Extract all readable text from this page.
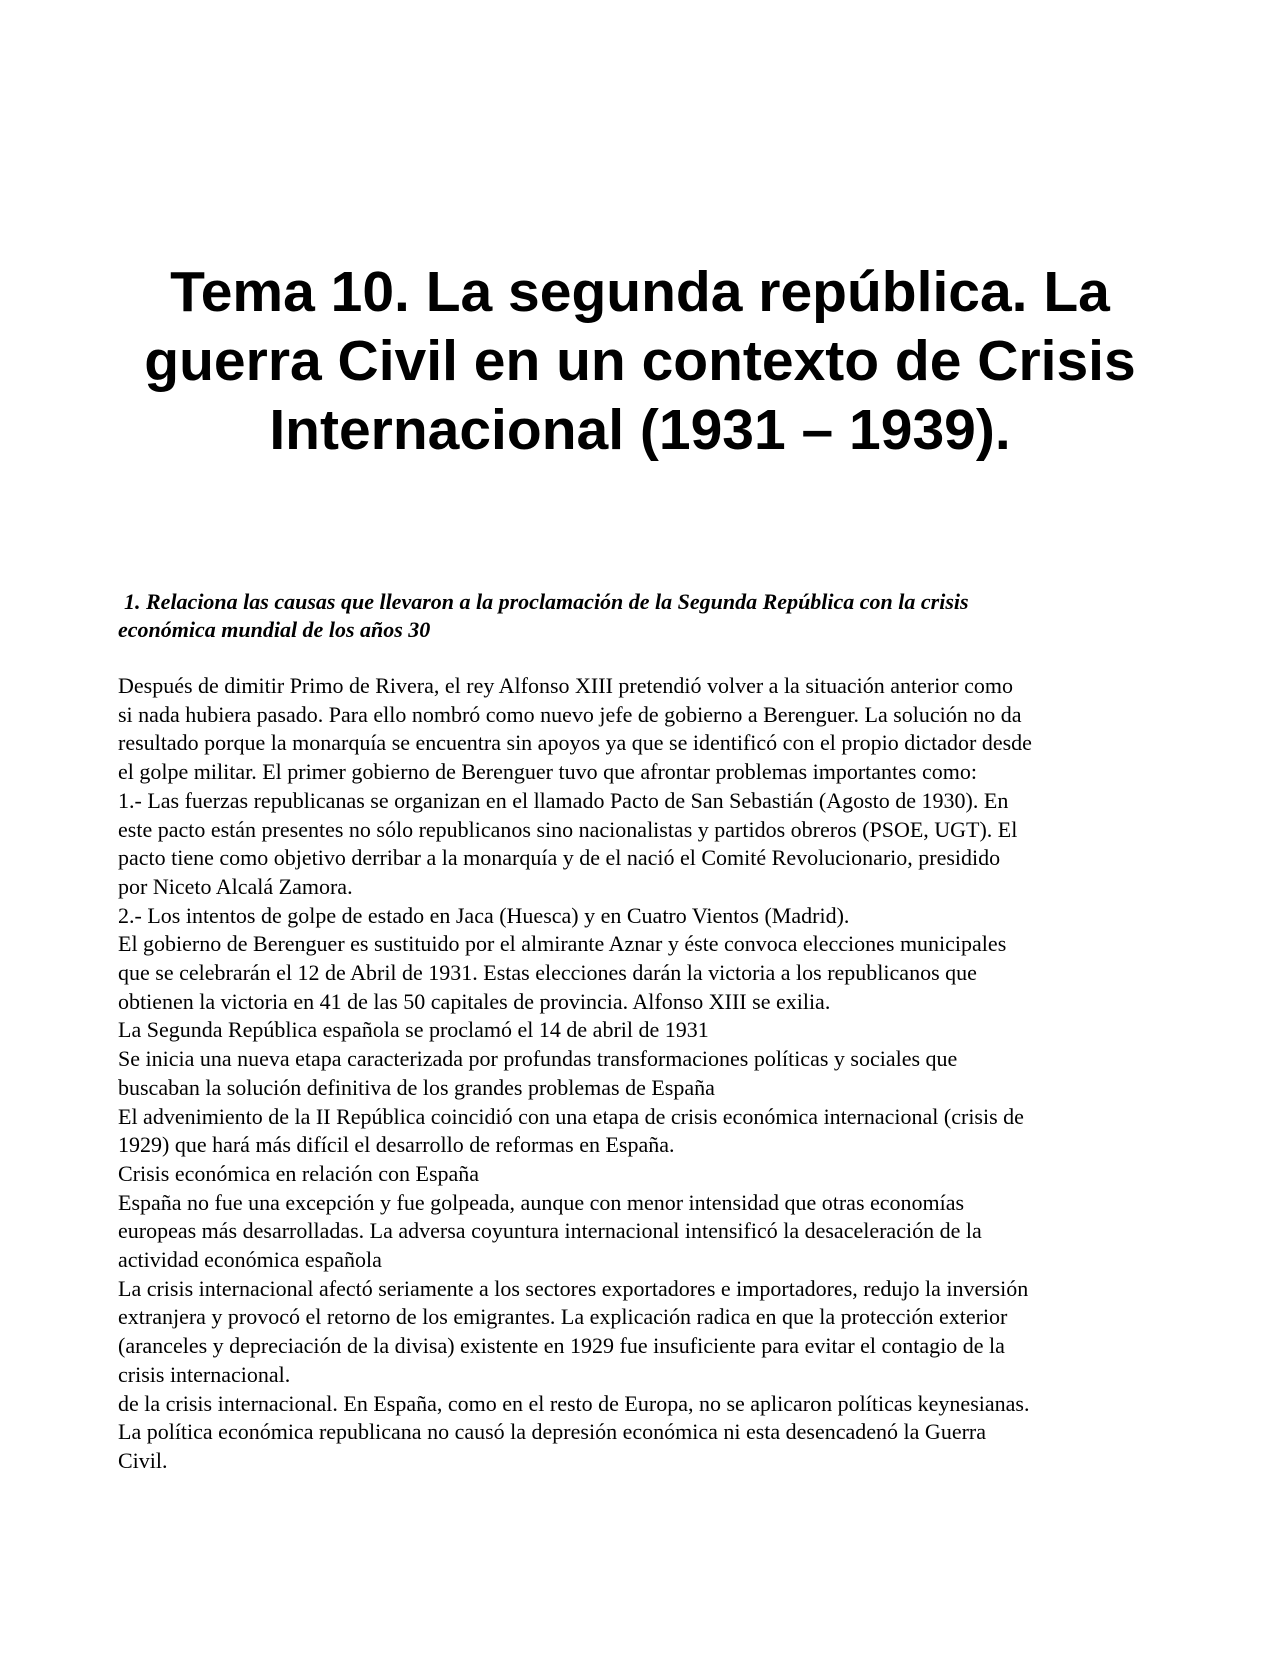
Tema 10. La segunda república. La
guerra Civil en un contexto de Crisis
Internacional (1931 – 1939).
1. Relaciona las causas que llevaron a la proclamación de la Segunda República con la crisis
económica mundial de los años 30
Después de dimitir Primo de Rivera, el rey Alfonso XIII pretendió volver a la situación anterior como
si nada hubiera pasado. Para ello nombró como nuevo jefe de gobierno a Berenguer. La solución no da
resultado porque la monarquía se encuentra sin apoyos ya que se identificó con el propio dictador desde
el golpe militar. El primer gobierno de Berenguer tuvo que afrontar problemas importantes como:
1.- Las fuerzas republicanas se organizan en el llamado Pacto de San Sebastián (Agosto de 1930). En
este pacto están presentes no sólo republicanos sino nacionalistas y partidos obreros (PSOE, UGT). El
pacto tiene como objetivo derribar a la monarquía y de el nació el Comité Revolucionario, presidido
por Niceto Alcalá Zamora.
2.- Los intentos de golpe de estado en Jaca (Huesca) y en Cuatro Vientos (Madrid).
El gobierno de Berenguer es sustituido por el almirante Aznar y éste convoca elecciones municipales
que se celebrarán el 12 de Abril de 1931. Estas elecciones darán la victoria a los republicanos que
obtienen la victoria en 41 de las 50 capitales de provincia. Alfonso XIII se exilia.
La Segunda República española se proclamó el 14 de abril de 1931
Se inicia una nueva etapa caracterizada por profundas transformaciones políticas y sociales que
buscaban la solución definitiva de los grandes problemas de España
El advenimiento de la II República coincidió con una etapa de crisis económica internacional (crisis de
1929) que hará más difícil el desarrollo de reformas en España.
Crisis económica en relación con España
España no fue una excepción y fue golpeada, aunque con menor intensidad que otras economías
europeas más desarrolladas. La adversa coyuntura internacional intensificó la desaceleración de la
actividad económica española
La crisis internacional afectó seriamente a los sectores exportadores e importadores, redujo la inversión
extranjera y provocó el retorno de los emigrantes. La explicación radica en que la protección exterior
(aranceles y depreciación de la divisa) existente en 1929 fue insuficiente para evitar el contagio de la
crisis internacional.
de la crisis internacional. En España, como en el resto de Europa, no se aplicaron políticas keynesianas.
La política económica republicana no causó la depresión económica ni esta desencadenó la Guerra
Civil.
